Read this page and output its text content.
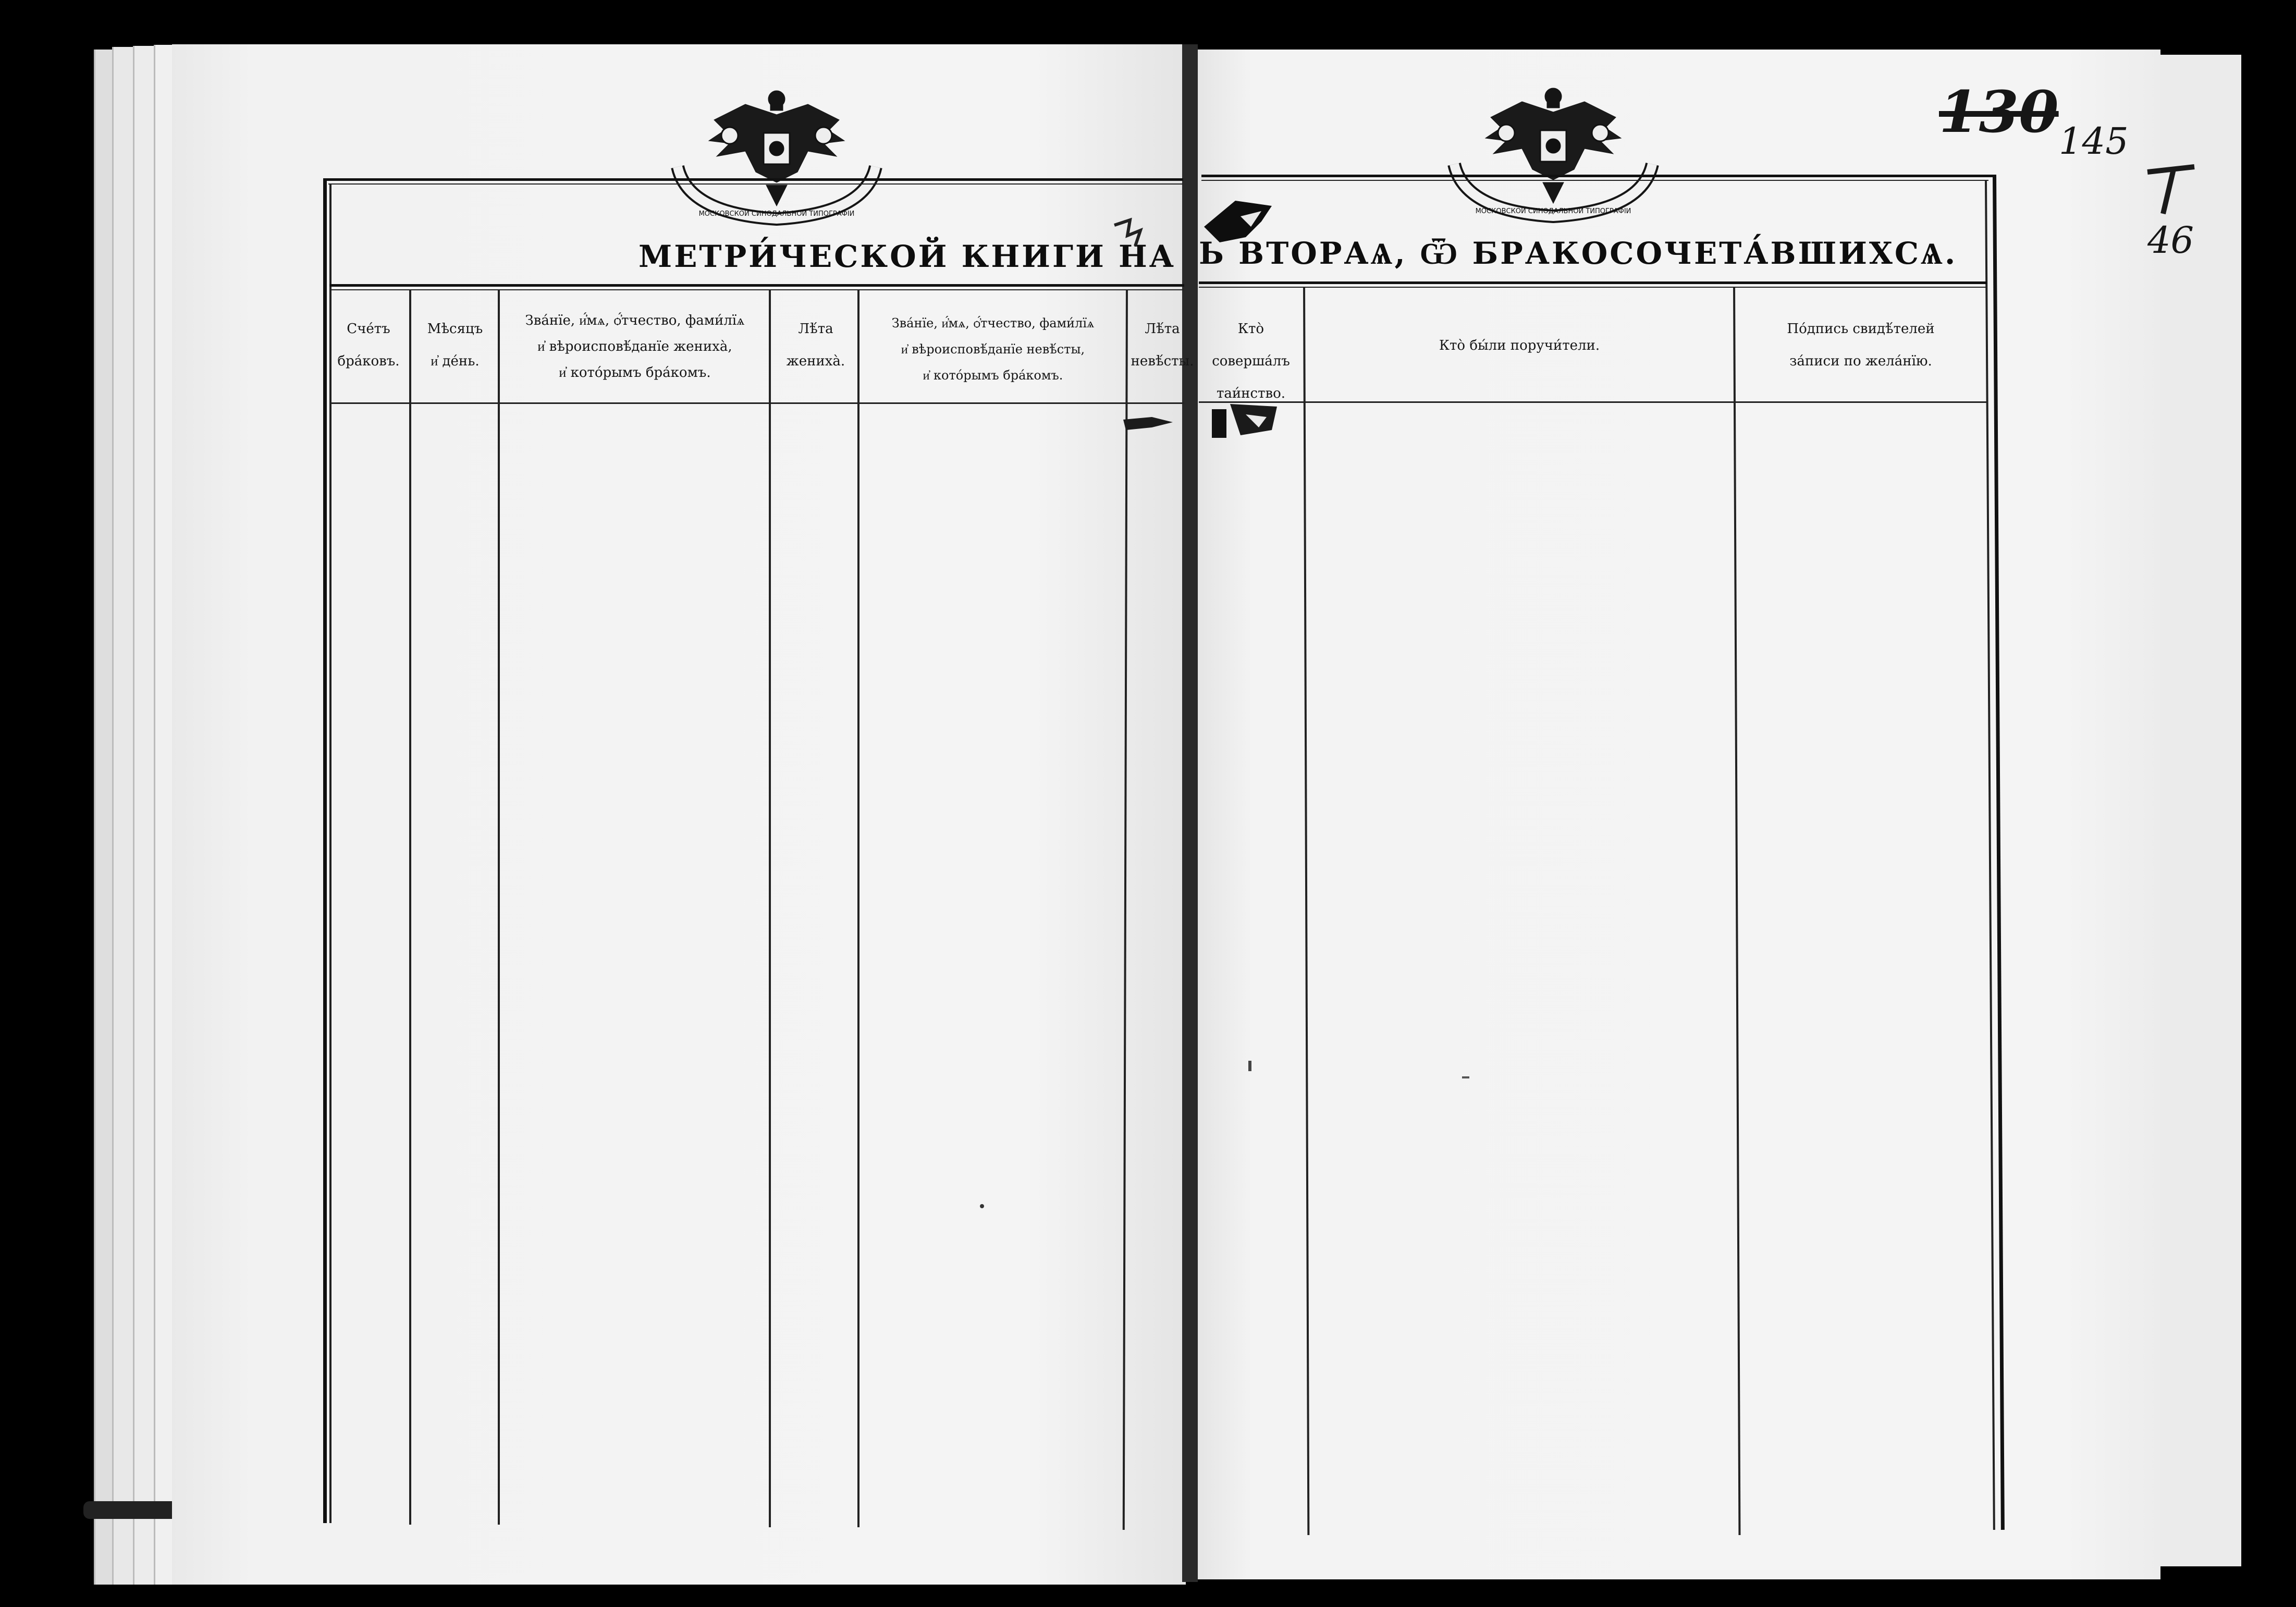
МОСКОВСКОЙ СИНОДАЛЬНОЙ ТИПОГРАФІИ	МОСКОВСКОЙ СИНОДАЛЬНОЙ ТИПОГРАФІИ
МЕТРИ́ЧЕСКОЙ КНИГИ НА Ь ВТОРАѦ, Ѿ БРАКОСОЧЕТА́ВШИХСѦ.
Сче́тъ
бра́ковъ.
Мѣсяцъ
и҆ де́нь.
Зва́нїе, и҆́мѧ, ѻ҆́тчество, фами́лїѧ
и҆ вѣроисповѣ́данїе жениха̀,
и҆ кото́рымъ бра́комъ.
Лѣ́та
жениха̀.
Зва́нїе, и҆́мѧ, ѻ҆́тчество, фами́лїѧ
и҆ вѣроисповѣ́данїе невѣ́сты,
и҆ кото́рымъ бра́комъ.
Лѣ́та
невѣ́сты.
Кто̀ соверша́лъ
таи́нство.
Кто̀ бы́ли поручи́тели.
По́дпись свидѣ́телей
за́писи по жела́нїю.
130 145
46
